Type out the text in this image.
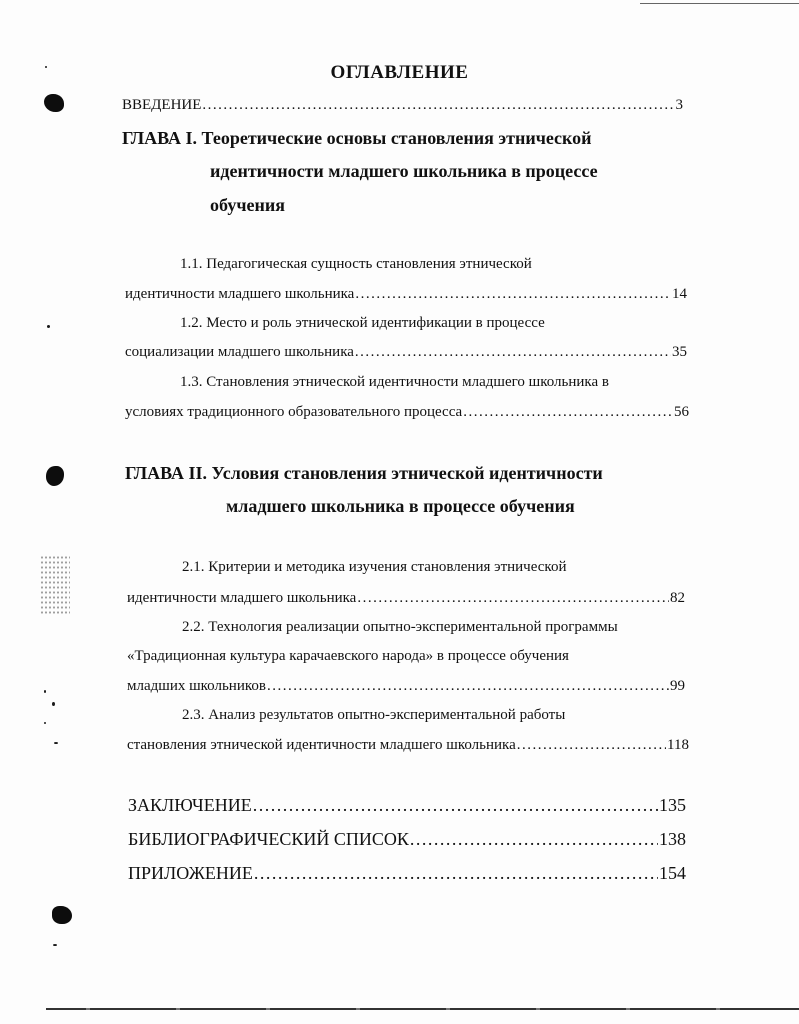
ОГЛАВЛЕНИЕ
ВВЕДЕНИЕ .....	3
ГЛАВА I. Теоретические основы становления этнической
идентичности младшего школьника в процессе
обучения
1.1. Педагогическая сущность становления этнической
идентичности младшего школьника .....	14
1.2. Место и роль этнической идентификации в процессе
социализации младшего школьника .....	35
1.3. Становления этнической идентичности младшего школьника в
условиях традиционного образовательного процесса .....	56
ГЛАВА II. Условия становления этнической идентичности
младшего школьника в процессе обучения
2.1. Критерии и методика изучения становления этнической
идентичности младшего школьника .....	82
2.2. Технология реализации опытно-экспериментальной программы
«Традиционная культура карачаевского народа» в процессе обучения
младших школьников .....	99
2.3. Анализ результатов опытно-экспериментальной работы
становления этнической идентичности младшего школьника .....	118
ЗАКЛЮЧЕНИЕ .....	135
БИБЛИОГРАФИЧЕСКИЙ СПИСОК .....	138
ПРИЛОЖЕНИЕ .....	154
